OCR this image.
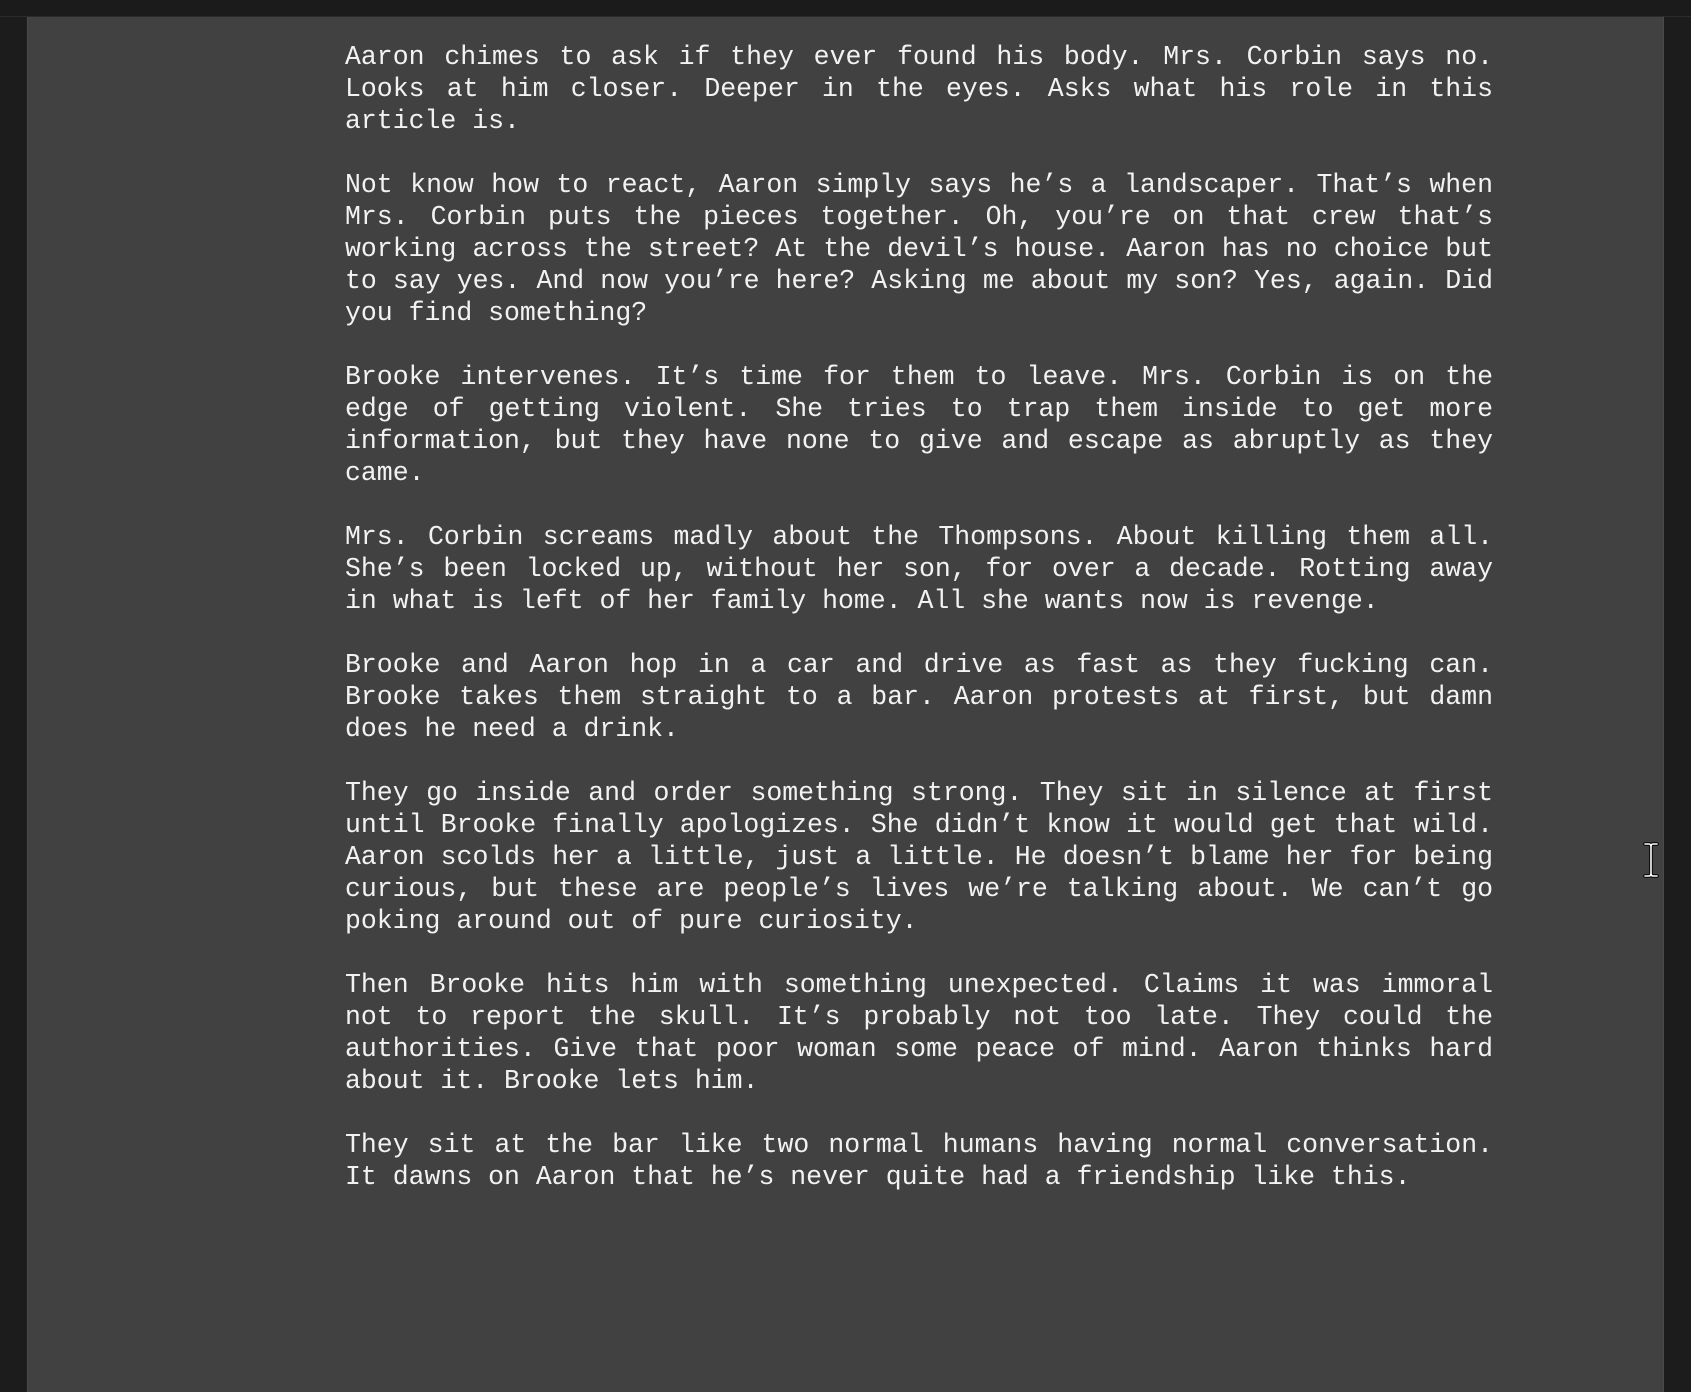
Aaron chimes to ask if they ever found his body. Mrs. Corbin says no. Looks at him closer. Deeper in the eyes. Asks what his role in this article is.

Not know how to react, Aaron simply says he’s a landscaper. That’s when Mrs. Corbin puts the pieces together. Oh, you’re on that crew that’s working across the street? At the devil’s house. Aaron has no choice but to say yes. And now you’re here? Asking me about my son? Yes, again. Did you find something?

Brooke intervenes. It’s time for them to leave. Mrs. Corbin is on the edge of getting violent. She tries to trap them inside to get more information, but they have none to give and escape as abruptly as they came.

Mrs. Corbin screams madly about the Thompsons. About killing them all. She’s been locked up, without her son, for over a decade. Rotting away in what is left of her family home. All she wants now is revenge.

Brooke and Aaron hop in a car and drive as fast as they fucking can. Brooke takes them straight to a bar. Aaron protests at first, but damn does he need a drink.

They go inside and order something strong. They sit in silence at first until Brooke finally apologizes. She didn’t know it would get that wild. Aaron scolds her a little, just a little. He doesn’t blame her for being curious, but these are people’s lives we’re talking about. We can’t go poking around out of pure curiosity.

Then Brooke hits him with something unexpected. Claims it was immoral not to report the skull. It’s probably not too late. They could the authorities. Give that poor woman some peace of mind. Aaron thinks hard about it. Brooke lets him.

They sit at the bar like two normal humans having normal conversation. It dawns on Aaron that he’s never quite had a friendship like this.
